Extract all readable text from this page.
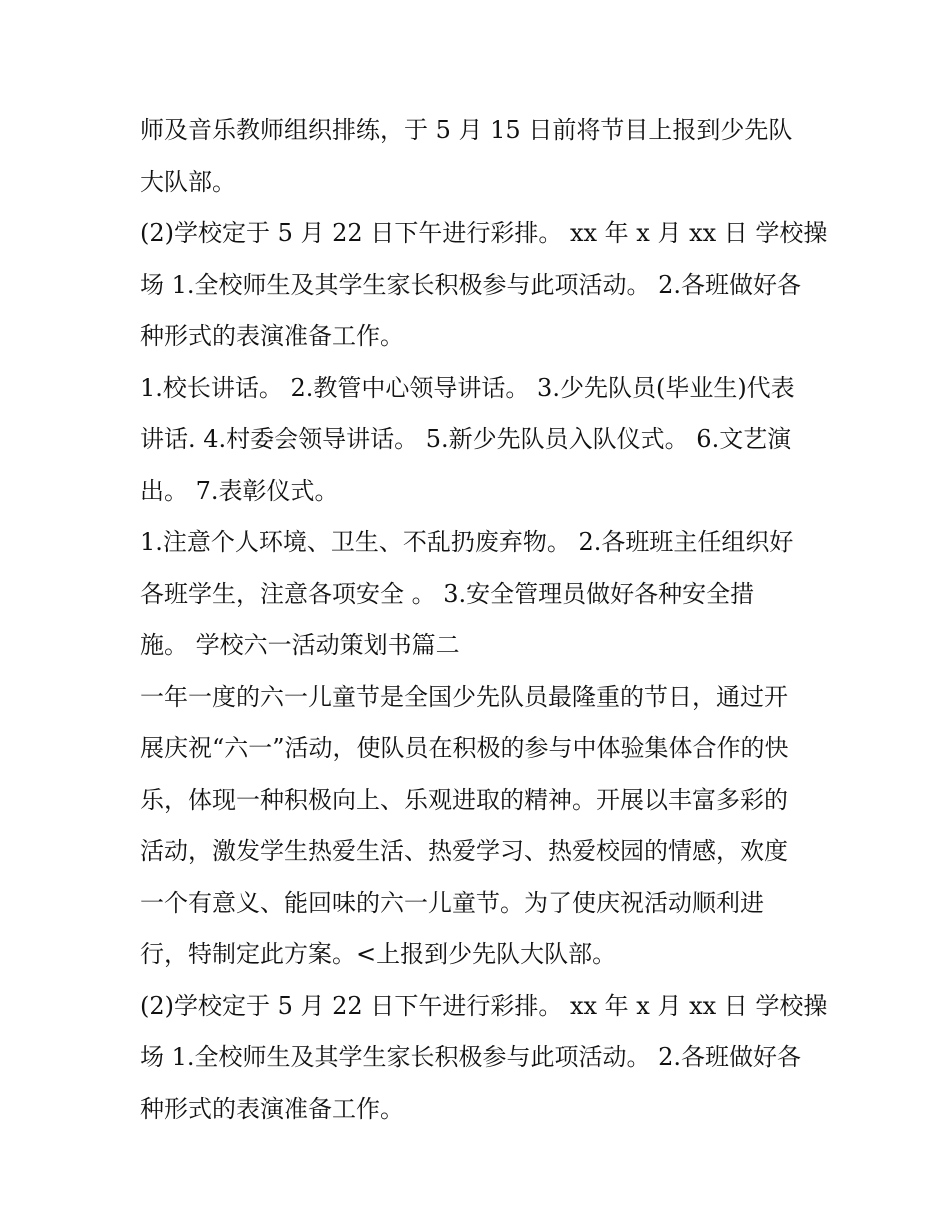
师及音乐教师组织排练，于 5 月 15 日前将节目上报到少先队
大队部。
(2)学校定于 5 月 22 日下午进行彩排。 xx 年 x 月 xx 日 学校操
场 1.全校师生及其学生家长积极参与此项活动。 2.各班做好各
种形式的表演准备工作。
1.校长讲话。 2.教管中心领导讲话。 3.少先队员(毕业生)代表
讲话. 4.村委会领导讲话。 5.新少先队员入队仪式。 6.文艺演
出。 7.表彰仪式。
1.注意个人环境、卫生、不乱扔废弃物。 2.各班班主任组织好
各班学生，注意各项安全 。 3.安全管理员做好各种安全措
施。 学校六一活动策划书篇二
一年一度的六一儿童节是全国少先队员最隆重的节日，通过开
展庆祝“六一”活动，使队员在积极的参与中体验集体合作的快
乐，体现一种积极向上、乐观进取的精神。开展以丰富多彩的
活动，激发学生热爱生活、热爱学习、热爱校园的情感，欢度
一个有意义、能回味的六一儿童节。为了使庆祝活动顺利进
行，特制定此方案。<上报到少先队大队部。
(2)学校定于 5 月 22 日下午进行彩排。 xx 年 x 月 xx 日 学校操
场 1.全校师生及其学生家长积极参与此项活动。 2.各班做好各
种形式的表演准备工作。
